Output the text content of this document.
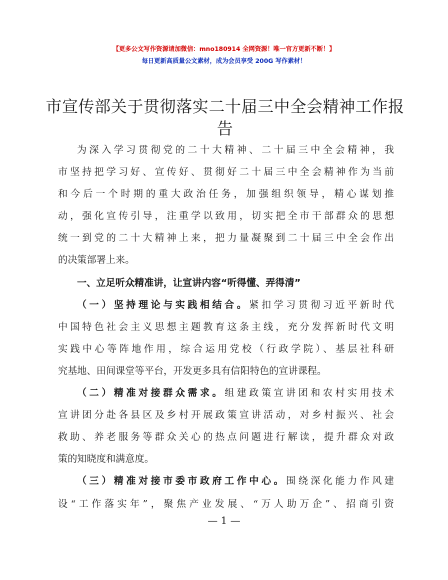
【更多公文写作资源请加微信：mno180914 全网资源！唯一官方更新不断！】
每日更新高质量公文素材，成为会员享受 200G 写作素材！
市宣传部关于贯彻落实二十届三中全会精神工作报告
为深入学习贯彻党的二十大精神、二十届三中全会精神，我
市坚持把学习好、宣传好、贯彻好二十届三中全会精神作为当前
和今后一个时期的重大政治任务，加强组织领导，精心谋划推
动，强化宣传引导，注重学以致用，切实把全市干部群众的思想
统一到党的二十大精神上来，把力量凝聚到二十届三中全会作出
的决策部署上来。
一、立足听众精准讲，让宣讲内容“听得懂、弄得清”
（一）坚持理论与实践相结合。紧扣学习贯彻习近平新时代
中国特色社会主义思想主题教育这条主线，充分发挥新时代文明
实践中心等阵地作用，综合运用党校（行政学院）、基层社科研
究基地、田间课堂等平台，开发更多具有信阳特色的宣讲课程。
（二）精准对接群众需求。组建政策宣讲团和农村实用技术
宣讲团分赴各县区及乡村开展政策宣讲活动，对乡村振兴、社会
救助、养老服务等群众关心的热点问题进行解读，提升群众对政
策的知晓度和满意度。
（三）精准对接市委市政府工作中心。围绕深化能力作风建
设“工作落实年”，聚焦产业发展、“万人助万企”、招商引资
— 1 —
